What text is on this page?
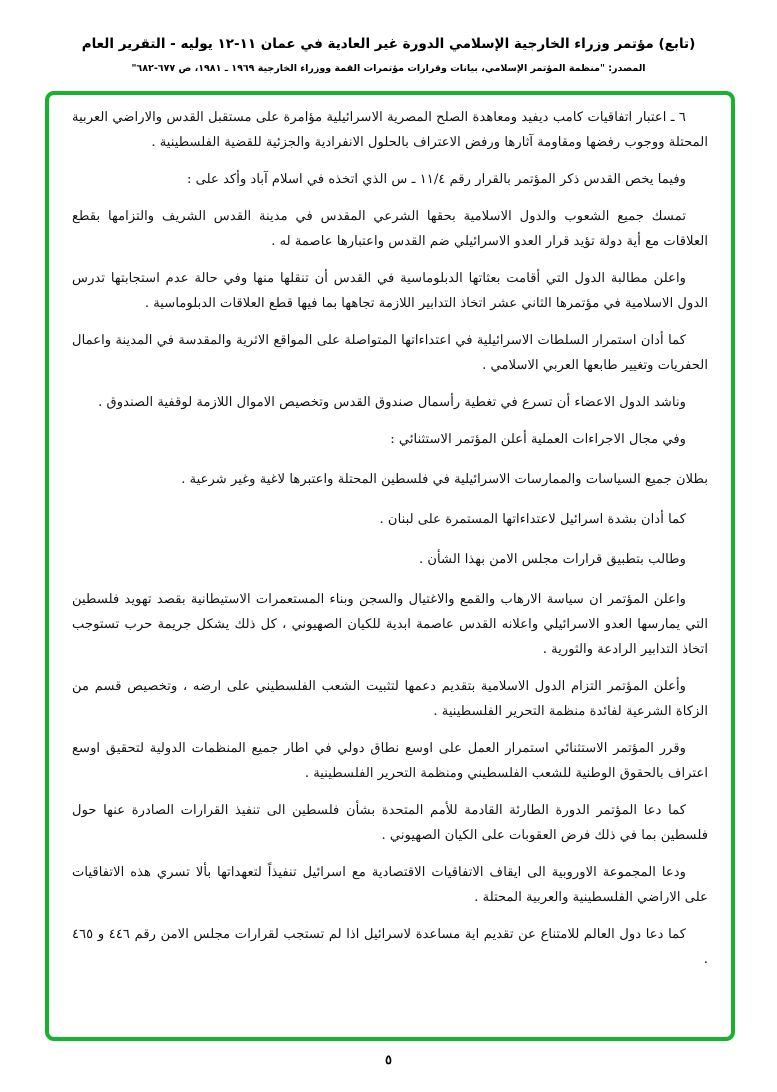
(تابع) مؤتمر وزراء الخارجية الإسلامي الدورة غير العادية في عمان ١١-١٢ يوليه - التقرير العام
المصدر: "منظمة المؤتمر الإسلامي، بيانات وقرارات مؤتمرات القمة ووزراء الخارجية ١٩٦٩ ـ ١٩٨١، ص ٦٧٧-٦٨٢"

٦ ـ اعتبار اتفاقيات كامب ديفيد ومعاهدة الصلح المصرية الاسرائيلية مؤامرة على مستقبل القدس والاراضي العربية المحتلة ووجوب رفضها ومقاومة آثارها ورفض الاعتراف بالحلول الانفرادية والجزئية للقضية الفلسطينية .

وفيما يخص القدس ذكر المؤتمر بالقرار رقم ١١/٤ ـ س الذي اتخذه في اسلام آباد وأكد على :

تمسك جميع الشعوب والدول الاسلامية بحقها الشرعي المقدس في مدينة القدس الشريف والتزامها بقطع العلاقات مع أية دولة تؤيد قرار العدو الاسرائيلي ضم القدس واعتبارها عاصمة له .

واعلن مطالبة الدول التي أقامت بعثاتها الدبلوماسية في القدس أن تنقلها منها وفي حالة عدم استجابتها تدرس الدول الاسلامية في مؤتمرها الثاني عشر اتخاذ التدابير اللازمة تجاهها بما فيها قطع العلاقات الدبلوماسية .

كما أدان استمرار السلطات الاسرائيلية في اعتداءاتها المتواصلة على المواقع الاثرية والمقدسة في المدينة واعمال الحفريات وتغيير طابعها العربي الاسلامي .

وناشد الدول الاعضاء أن تسرع في تغطية رأسمال صندوق القدس وتخصيص الاموال اللازمة لوقفية الصندوق .

وفي مجال الاجراءات العملية أعلن المؤتمر الاستثنائي :

بطلان جميع السياسات والممارسات الاسرائيلية في فلسطين المحتلة واعتبرها لاغية وغير شرعية .

كما أدان بشدة اسرائيل لاعتداءاتها المستمرة على لبنان .

وطالب بتطبيق قرارات مجلس الامن بهذا الشأن .

واعلن المؤتمر ان سياسة الارهاب والقمع والاغتيال والسجن وبناء المستعمرات الاستيطانية بقصد تهويد فلسطين التي يمارسها العدو الاسرائيلي واعلانه القدس عاصمة ابدية للكيان الصهيوني ، كل ذلك يشكل جريمة حرب تستوجب اتخاذ التدابير الرادعة والثورية .

وأعلن المؤتمر التزام الدول الاسلامية بتقديم دعمها لتثبيت الشعب الفلسطيني على ارضه ، وتخصيص قسم من الزكاة الشرعية لفائدة منظمة التحرير الفلسطينية .

وقرر المؤتمر الاستثنائي استمرار العمل على اوسع نطاق دولي في اطار جميع المنظمات الدولية لتحقيق اوسع اعتراف بالحقوق الوطنية للشعب الفلسطيني ومنظمة التحرير الفلسطينية .

كما دعا المؤتمر الدورة الطارئة القادمة للأمم المتحدة بشأن فلسطين الى تنفيذ القرارات الصادرة عنها حول فلسطين بما في ذلك فرض العقوبات على الكيان الصهيوني .

ودعا المجموعة الاوروبية الى ايقاف الاتفاقيات الاقتصادية مع اسرائيل تنفيذاً لتعهداتها بألا تسري هذه الاتفاقيات على الاراضي الفلسطينية والعربية المحتلة .

كما دعا دول العالم للامتناع عن تقديم اية مساعدة لاسرائيل اذا لم تستجب لقرارات مجلس الامن رقم ٤٤٦ و ٤٦٥ .

٥
